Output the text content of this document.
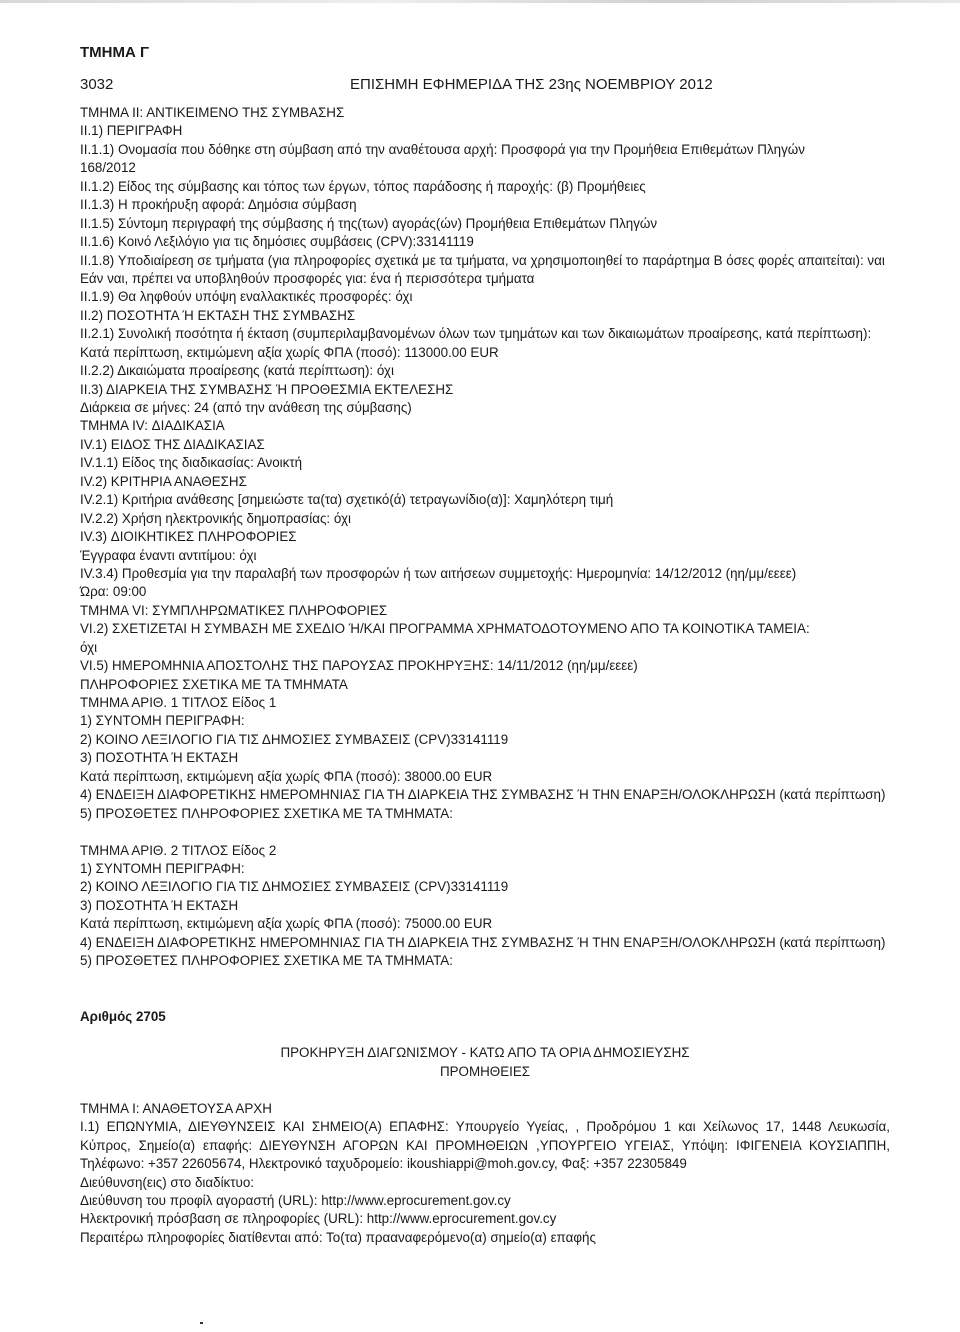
ΤΜΗΜΑ Γ
3032	ΕΠΙΣΗΜΗ ΕΦΗΜΕΡΙΔΑ ΤΗΣ 23ης ΝΟΕΜΒΡΙΟΥ 2012
ΤΜΗΜΑ ΙΙ: ΑΝΤΙΚΕΙΜΕΝΟ ΤΗΣ ΣΥΜΒΑΣΗΣ
ΙΙ.1) ΠΕΡΙΓΡΑΦΗ
ΙΙ.1.1) Ονομασία που δόθηκε στη σύμβαση από την αναθέτουσα αρχή: Προσφορά για την Προμήθεια Επιθεμάτων Πληγών
168/2012
ΙΙ.1.2) Είδος της σύμβασης και τόπος των έργων, τόπος παράδοσης ή παροχής: (β) Προμήθειες
ΙΙ.1.3) Η προκήρυξη αφορά: Δημόσια σύμβαση
ΙΙ.1.5) Σύντομη περιγραφή της σύμβασης ή της(των) αγοράς(ών) Προμήθεια Επιθεμάτων Πληγών
ΙΙ.1.6) Κοινό Λεξιλόγιο για τις δημόσιες συμβάσεις (CPV):33141119
ΙΙ.1.8) Υποδιαίρεση σε τμήματα (για πληροφορίες σχετικά με τα τμήματα, να χρησιμοποιηθεί το παράρτημα Β όσες φορές απαιτείται): ναι
Εάν ναι, πρέπει να υποβληθούν προσφορές για: ένα ή περισσότερα τμήματα
ΙΙ.1.9) Θα ληφθούν υπόψη εναλλακτικές προσφορές: όχι
ΙΙ.2) ΠΟΣΟΤΗΤΑ Ή ΕΚΤΑΣΗ ΤΗΣ ΣΥΜΒΑΣΗΣ
ΙΙ.2.1) Συνολική ποσότητα ή έκταση (συμπεριλαμβανομένων όλων των τμημάτων και των δικαιωμάτων προαίρεσης, κατά περίπτωση):
Κατά περίπτωση, εκτιμώμενη αξία χωρίς ΦΠΑ (ποσό): 113000.00 EUR
ΙΙ.2.2) Δικαιώματα προαίρεσης (κατά περίπτωση): όχι
ΙΙ.3) ΔΙΑΡΚΕΙΑ ΤΗΣ ΣΥΜΒΑΣΗΣ Ή ΠΡΟΘΕΣΜΙΑ ΕΚΤΕΛΕΣΗΣ
Διάρκεια σε μήνες: 24 (από την ανάθεση της σύμβασης)
ΤΜΗΜΑ IV: ΔΙΑΔΙΚΑΣΙΑ
IV.1) ΕΙΔΟΣ ΤΗΣ ΔΙΑΔΙΚΑΣΙΑΣ
IV.1.1) Είδος της διαδικασίας: Ανοικτή
IV.2) ΚΡΙΤΗΡΙΑ ΑΝΑΘΕΣΗΣ
IV.2.1) Κριτήρια ανάθεσης [σημειώστε τα(τα) σχετικό(ά) τετραγωνίδιο(α)]: Χαμηλότερη τιμή
IV.2.2) Χρήση ηλεκτρονικής δημοπρασίας: όχι
IV.3) ΔΙΟΙΚΗΤΙΚΕΣ ΠΛΗΡΟΦΟΡΙΕΣ
Έγγραφα έναντι αντιτίμου: όχι
IV.3.4) Προθεσμία για την παραλαβή των προσφορών ή των αιτήσεων συμμετοχής: Ημερομηνία: 14/12/2012 (ηη/μμ/εεεε)
Ώρα: 09:00
ΤΜΗΜΑ VI: ΣΥΜΠΛΗΡΩΜΑΤΙΚΕΣ ΠΛΗΡΟΦΟΡΙΕΣ
VI.2) ΣΧΕΤΙΖΕΤΑΙ Η ΣΥΜΒΑΣΗ ΜΕ ΣΧΕΔΙΟ Ή/ΚΑΙ ΠΡΟΓΡΑΜΜΑ ΧΡΗΜΑΤΟΔΟΤΟΥΜΕΝΟ ΑΠΟ ΤΑ ΚΟΙΝΟΤΙΚΑ ΤΑΜΕΙΑ:
όχι
VI.5) ΗΜΕΡΟΜΗΝΙΑ ΑΠΟΣΤΟΛΗΣ ΤΗΣ ΠΑΡΟΥΣΑΣ ΠΡΟΚΗΡΥΞΗΣ: 14/11/2012 (ηη/μμ/εεεε)
ΠΛΗΡΟΦΟΡΙΕΣ ΣΧΕΤΙΚΑ ΜΕ ΤΑ ΤΜΗΜΑΤΑ
ΤΜΗΜΑ ΑΡΙΘ. 1 ΤΙΤΛΟΣ Είδος 1
1) ΣΥΝΤΟΜΗ ΠΕΡΙΓΡΑΦΗ:
2) ΚΟΙΝΟ ΛΕΞΙΛΟΓΙΟ ΓΙΑ ΤΙΣ ΔΗΜΟΣΙΕΣ ΣΥΜΒΑΣΕΙΣ (CPV)33141119
3) ΠΟΣΟΤΗΤΑ Ή ΕΚΤΑΣΗ
Κατά περίπτωση, εκτιμώμενη αξία χωρίς ΦΠΑ (ποσό): 38000.00 EUR
4) ΕΝΔΕΙΞΗ ΔΙΑΦΟΡΕΤΙΚΗΣ ΗΜΕΡΟΜΗΝΙΑΣ ΓΙΑ ΤΗ ΔΙΑΡΚΕΙΑ ΤΗΣ ΣΥΜΒΑΣΗΣ Ή ΤΗΝ ΕΝΑΡΞΗ/ΟΛΟΚΛΗΡΩΣΗ (κατά περίπτωση)
5) ΠΡΟΣΘΕΤΕΣ ΠΛΗΡΟΦΟΡΙΕΣ ΣΧΕΤΙΚΑ ΜΕ ΤΑ ΤΜΗΜΑΤΑ:
ΤΜΗΜΑ ΑΡΙΘ. 2 ΤΙΤΛΟΣ Είδος 2
1) ΣΥΝΤΟΜΗ ΠΕΡΙΓΡΑΦΗ:
2) ΚΟΙΝΟ ΛΕΞΙΛΟΓΙΟ ΓΙΑ ΤΙΣ ΔΗΜΟΣΙΕΣ ΣΥΜΒΑΣΕΙΣ (CPV)33141119
3) ΠΟΣΟΤΗΤΑ Ή ΕΚΤΑΣΗ
Κατά περίπτωση, εκτιμώμενη αξία χωρίς ΦΠΑ (ποσό): 75000.00 EUR
4) ΕΝΔΕΙΞΗ ΔΙΑΦΟΡΕΤΙΚΗΣ ΗΜΕΡΟΜΗΝΙΑΣ ΓΙΑ ΤΗ ΔΙΑΡΚΕΙΑ ΤΗΣ ΣΥΜΒΑΣΗΣ Ή ΤΗΝ ΕΝΑΡΞΗ/ΟΛΟΚΛΗΡΩΣΗ (κατά περίπτωση)
5) ΠΡΟΣΘΕΤΕΣ ΠΛΗΡΟΦΟΡΙΕΣ ΣΧΕΤΙΚΑ ΜΕ ΤΑ ΤΜΗΜΑΤΑ:
Αριθμός 2705
ΠΡΟΚΗΡΥΞΗ ΔΙΑΓΩΝΙΣΜΟΥ - ΚΑΤΩ ΑΠΟ ΤΑ ΟΡΙΑ ΔΗΜΟΣΙΕΥΣΗΣ
ΠΡΟΜΗΘΕΙΕΣ
ΤΜΗΜΑ Ι: ΑΝΑΘΕΤΟΥΣΑ ΑΡΧΗ
Ι.1) ΕΠΩΝΥΜΙΑ, ΔΙΕΥΘΥΝΣΕΙΣ ΚΑΙ ΣΗΜΕΙΟ(Α) ΕΠΑΦΗΣ: Υπουργείο Υγείας, , Προδρόμου 1 και Χείλωνος 17, 1448 Λευκωσία, Κύπρος, Σημείο(α) επαφής: ΔΙΕΥΘΥΝΣΗ ΑΓΟΡΩΝ ΚΑΙ ΠΡΟΜΗΘΕΙΩΝ ,ΥΠΟΥΡΓΕΙΟ ΥΓΕΙΑΣ, Υπόψη: ΙΦΙΓΕΝΕΙΑ ΚΟΥΣΙΑΠΠΗ, Τηλέφωνο: +357 22605674, Ηλεκτρονικό ταχυδρομείο: ikoushiappi@moh.gov.cy, Φαξ: +357 22305849
Διεύθυνση(εις) στο διαδίκτυο:
Διεύθυνση του προφίλ αγοραστή (URL): http://www.eprocurement.gov.cy
Ηλεκτρονική πρόσβαση σε πληροφορίες (URL): http://www.eprocurement.gov.cy
Περαιτέρω πληροφορίες διατίθενται από: Το(τα) πρααναφερόμενο(α) σημείο(α) επαφής
